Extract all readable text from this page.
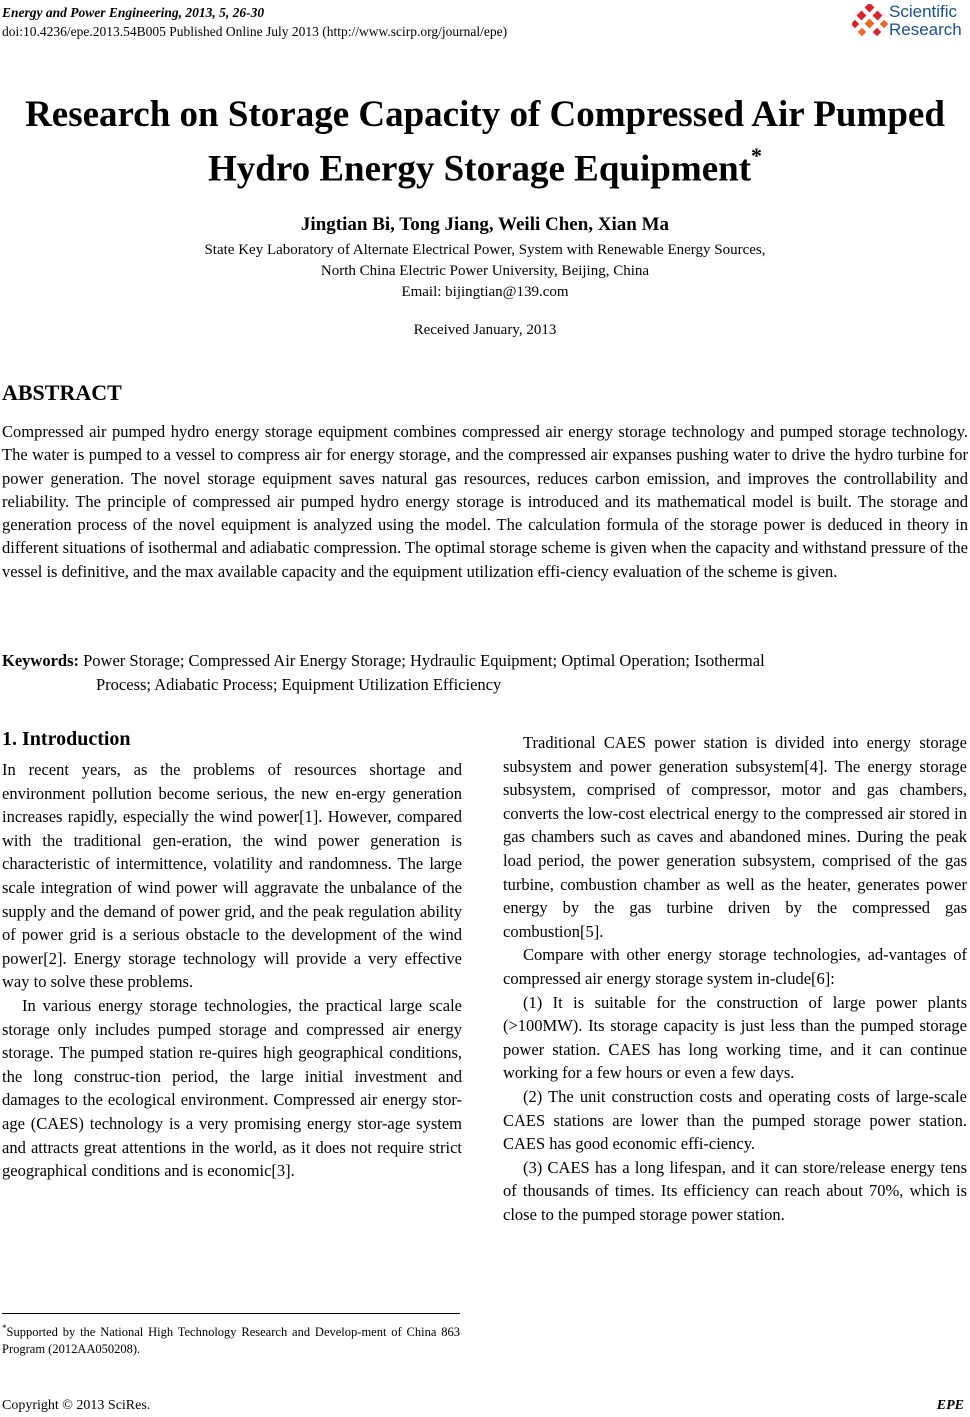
Energy and Power Engineering, 2013, 5, 26-30
doi:10.4236/epe.2013.54B005 Published Online July 2013 (http://www.scirp.org/journal/epe)
Scientific
Research
Research on Storage Capacity of Compressed Air Pumped
Hydro Energy Storage Equipment*
Jingtian Bi, Tong Jiang, Weili Chen, Xian Ma
State Key Laboratory of Alternate Electrical Power, System with Renewable Energy Sources,
North China Electric Power University, Beijing, China
Email: bijingtian@139.com
Received January, 2013
ABSTRACT
Compressed air pumped hydro energy storage equipment combines compressed air energy storage technology and pumped storage technology. The water is pumped to a vessel to compress air for energy storage, and the compressed air expanses pushing water to drive the hydro turbine for power generation. The novel storage equipment saves natural gas resources, reduces carbon emission, and improves the controllability and reliability. The principle of compressed air pumped hydro energy storage is introduced and its mathematical model is built. The storage and generation process of the novel equipment is analyzed using the model. The calculation formula of the storage power is deduced in theory in different situations of isothermal and adiabatic compression. The optimal storage scheme is given when the capacity and withstand pressure of the vessel is definitive, and the max available capacity and the equipment utilization effi-ciency evaluation of the scheme is given.
Keywords: Power Storage; Compressed Air Energy Storage; Hydraulic Equipment; Optimal Operation; Isothermal
Process; Adiabatic Process; Equipment Utilization Efficiency
1. Introduction

In recent years, as the problems of resources shortage and environment pollution become serious, the new en-ergy generation increases rapidly, especially the wind power[1]. However, compared with the traditional gen-eration, the wind power generation is characteristic of intermittence, volatility and randomness. The large scale integration of wind power will aggravate the unbalance of the supply and the demand of power grid, and the peak regulation ability of power grid is a serious obstacle to the development of the wind power[2]. Energy storage technology will provide a very effective way to solve these problems.

In various energy storage technologies, the practical large scale storage only includes pumped storage and compressed air energy storage. The pumped station re-quires high geographical conditions, the long construc-tion period, the large initial investment and damages to the ecological environment. Compressed air energy stor-age (CAES) technology is a very promising energy stor-age system and attracts great attentions in the world, as it does not require strict geographical conditions and is economic[3].

Traditional CAES power station is divided into energy storage subsystem and power generation subsystem[4]. The energy storage subsystem, comprised of compressor, motor and gas chambers, converts the low-cost electrical energy to the compressed air stored in gas chambers such as caves and abandoned mines. During the peak load period, the power generation subsystem, comprised of the gas turbine, combustion chamber as well as the heater, generates power energy by the gas turbine driven by the compressed gas combustion[5].

Compare with other energy storage technologies, ad-vantages of compressed air energy storage system in-clude[6]:

(1) It is suitable for the construction of large power plants (>100MW). Its storage capacity is just less than the pumped storage power station. CAES has long working time, and it can continue working for a few hours or even a few days.

(2) The unit construction costs and operating costs of large-scale CAES stations are lower than the pumped storage power station. CAES has good economic effi-ciency.

(3) CAES has a long lifespan, and it can store/release energy tens of thousands of times. Its efficiency can reach about 70%, which is close to the pumped storage power station.

*Supported by the National High Technology Research and Develop-ment of China 863 Program (2012AA050208).
Copyright © 2013 SciRes.	EPE
